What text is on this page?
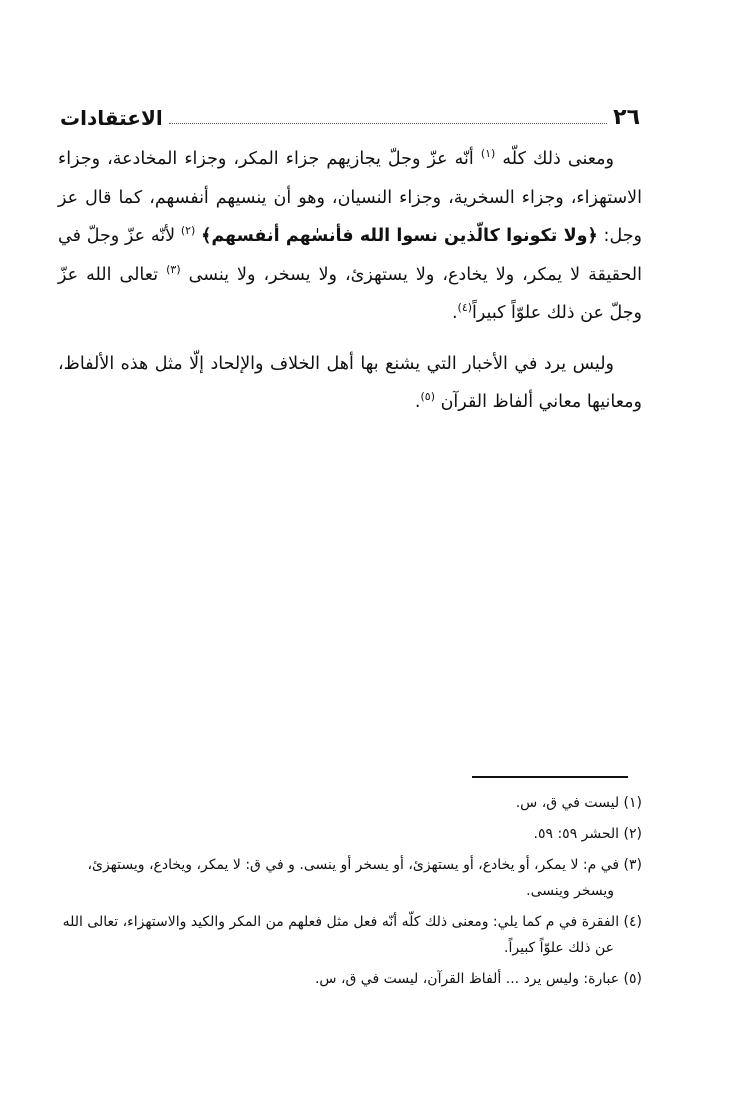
٢٦
الاعتقادات

ومعنى ذلك كلّه $^{(١)}$ أنّه عزّ وجلّ يجازيهم جزاء المكر، وجزاء المخادعة، وجزاء الاستهزاء، وجزاء السخرية، وجزاء النسيان، وهو أن ينسيهم أنفسهم، كما قال عز وجل: ﴿ولا تكونوا كالّذين نسوا الله فأنسٰهم أنفسهم﴾ $^{(٢)}$ لأنّه عزّ وجلّ في الحقيقة لا يمكر، ولا يخادع، ولا يستهزئ، ولا يسخر، ولا ينسى $^{(٣)}$ تعالى الله عزّ وجلّ عن ذلك علوّاً كبيراً$^{(٤)}$.

وليس يرد في الأخبار التي يشنع بها أهل الخلاف والإلحاد إلّا مثل هذه الألفاظ، ومعانيها معاني ألفاظ القرآن $^{(٥)}$.

(١) ليست في ق، س.

(٢) الحشر ٥٩: ٥٩.

(٣) في م: لا يمكر، أو يخادع، أو يستهزئ، أو يسخر أو ينسى. و في ق: لا يمكر، ويخادع، ويستهزئ، ويسخر وينسى.

(٤) الفقرة في م كما يلي: ومعنى ذلك كلّه أنّه فعل مثل فعلهم من المكر والكيد والاستهزاء، تعالى الله عن ذلك علوّاً كبيراً.

(٥) عبارة: وليس يرد ... ألفاظ القرآن، ليست في ق، س.
